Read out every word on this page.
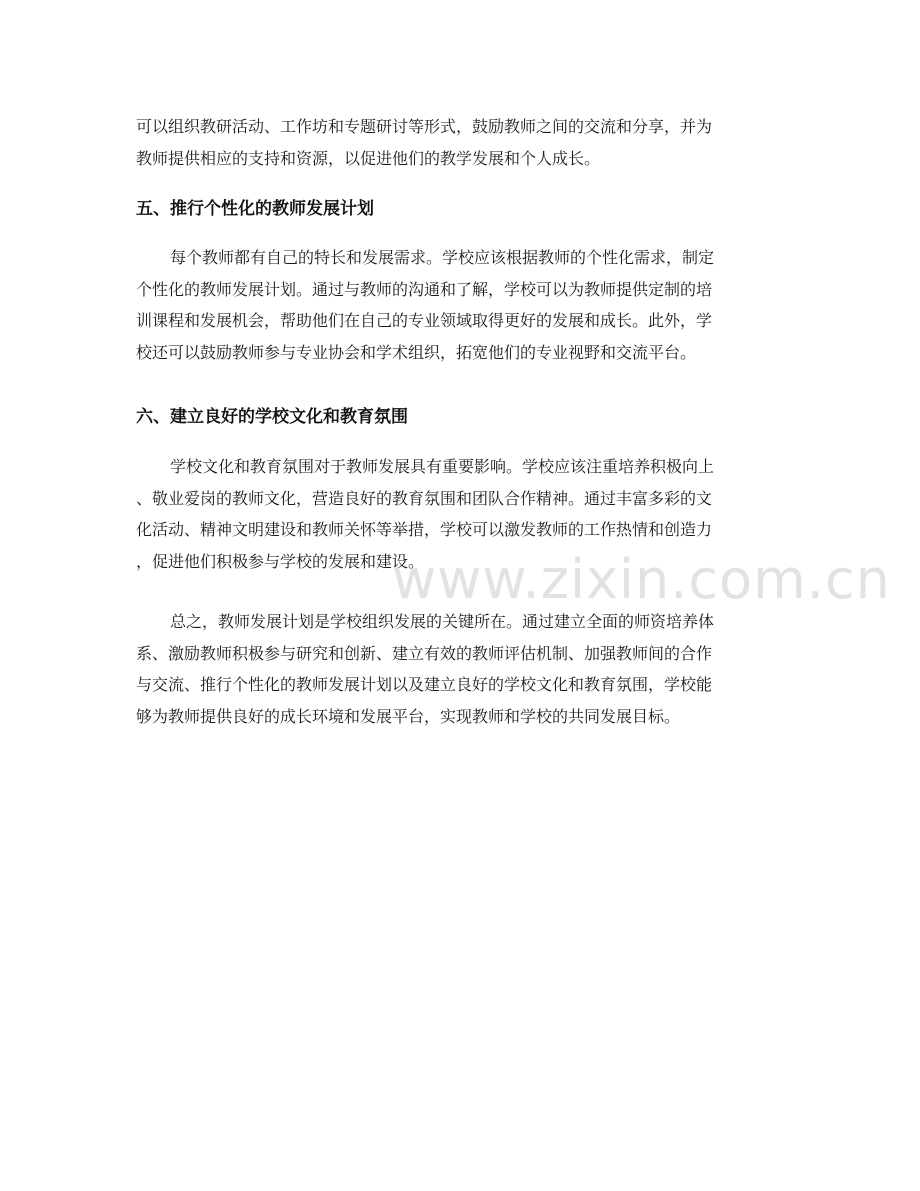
可以组织教研活动、工作坊和专题研讨等形式，鼓励教师之间的交流和分享，并为
教师提供相应的支持和资源，以促进他们的教学发展和个人成长。

五、推行个性化的教师发展计划

每个教师都有自己的特长和发展需求。学校应该根据教师的个性化需求，制定
个性化的教师发展计划。通过与教师的沟通和了解，学校可以为教师提供定制的培
训课程和发展机会，帮助他们在自己的专业领域取得更好的发展和成长。此外，学
校还可以鼓励教师参与专业协会和学术组织，拓宽他们的专业视野和交流平台。

六、建立良好的学校文化和教育氛围

学校文化和教育氛围对于教师发展具有重要影响。学校应该注重培养积极向上
、敬业爱岗的教师文化，营造良好的教育氛围和团队合作精神。通过丰富多彩的文
化活动、精神文明建设和教师关怀等举措，学校可以激发教师的工作热情和创造力
，促进他们积极参与学校的发展和建设。

总之，教师发展计划是学校组织发展的关键所在。通过建立全面的师资培养体
系、激励教师积极参与研究和创新、建立有效的教师评估机制、加强教师间的合作
与交流、推行个性化的教师发展计划以及建立良好的学校文化和教育氛围，学校能
够为教师提供良好的成长环境和发展平台，实现教师和学校的共同发展目标。

www.zixin.com.cn
